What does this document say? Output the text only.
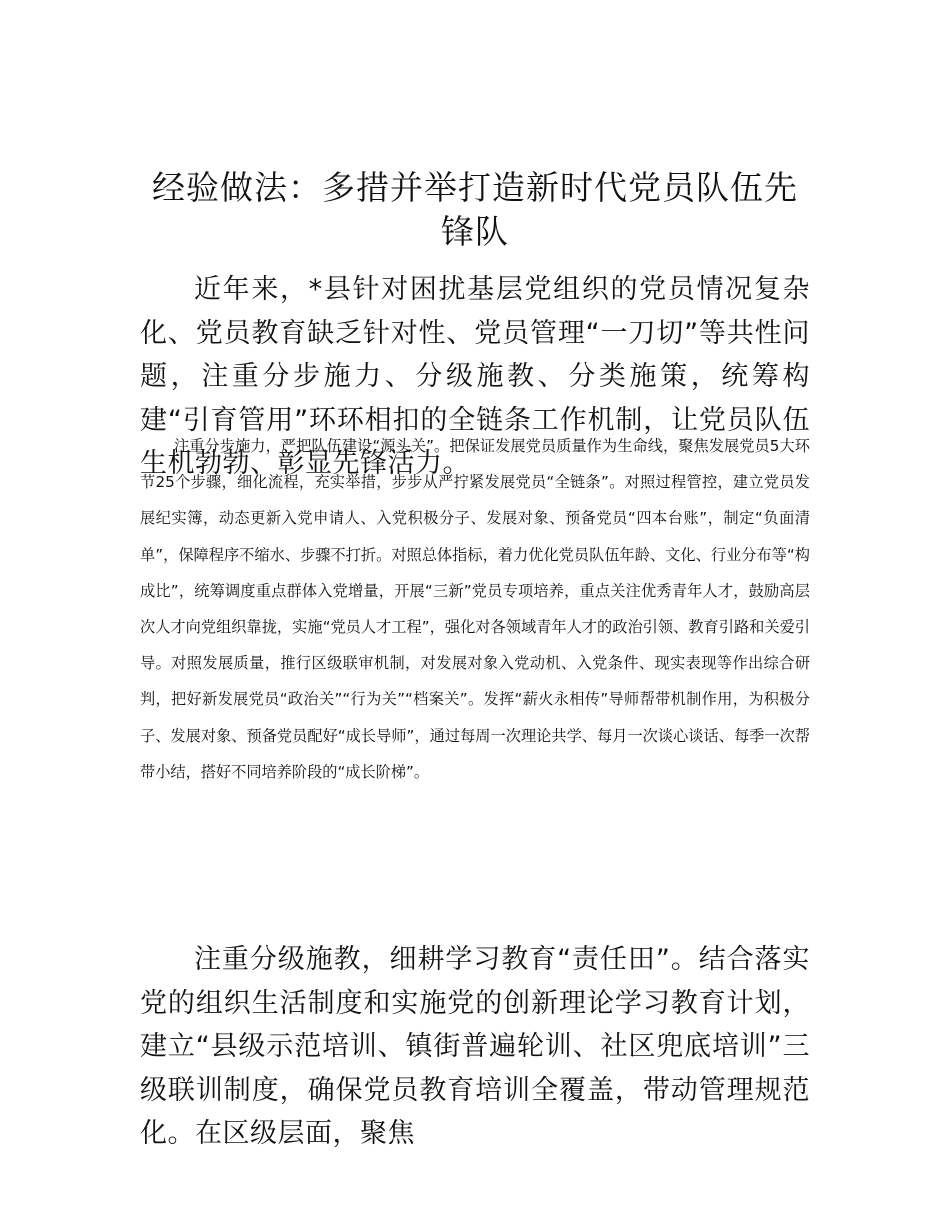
经验做法：多措并举打造新时代党员队伍先锋队

近年来，*县针对困扰基层党组织的党员情况复杂化、党员教育缺乏针对性、党员管理“一刀切”等共性问题，注重分步施力、分级施教、分类施策，统筹构建“引育管用”环环相扣的全链条工作机制，让党员队伍生机勃勃、彰显先锋活力。

注重分步施力，严把队伍建设“源头关”。把保证发展党员质量作为生命线，聚焦发展党员5大环节25个步骤，细化流程，充实举措，步步从严拧紧发展党员“全链条”。对照过程管控，建立党员发展纪实簿，动态更新入党申请人、入党积极分子、发展对象、预备党员“四本台账”，制定“负面清单”，保障程序不缩水、步骤不打折。对照总体指标，着力优化党员队伍年龄、文化、行业分布等“构成比”，统筹调度重点群体入党增量，开展“三新”党员专项培养，重点关注优秀青年人才，鼓励高层次人才向党组织靠拢，实施“党员人才工程”，强化对各领域青年人才的政治引领、教育引路和关爱引导。对照发展质量，推行区级联审机制，对发展对象入党动机、入党条件、现实表现等作出综合研判，把好新发展党员“政治关”“行为关”“档案关”。发挥“薪火永相传”导师帮带机制作用，为积极分子、发展对象、预备党员配好“成长导师”，通过每周一次理论共学、每月一次谈心谈话、每季一次帮带小结，搭好不同培养阶段的“成长阶梯”。

注重分级施教，细耕学习教育“责任田”。结合落实党的组织生活制度和实施党的创新理论学习教育计划，建立“县级示范培训、镇街普遍轮训、社区兜底培训”三级联训制度，确保党员教育培训全覆盖，带动管理规范化。在区级层面，聚焦
